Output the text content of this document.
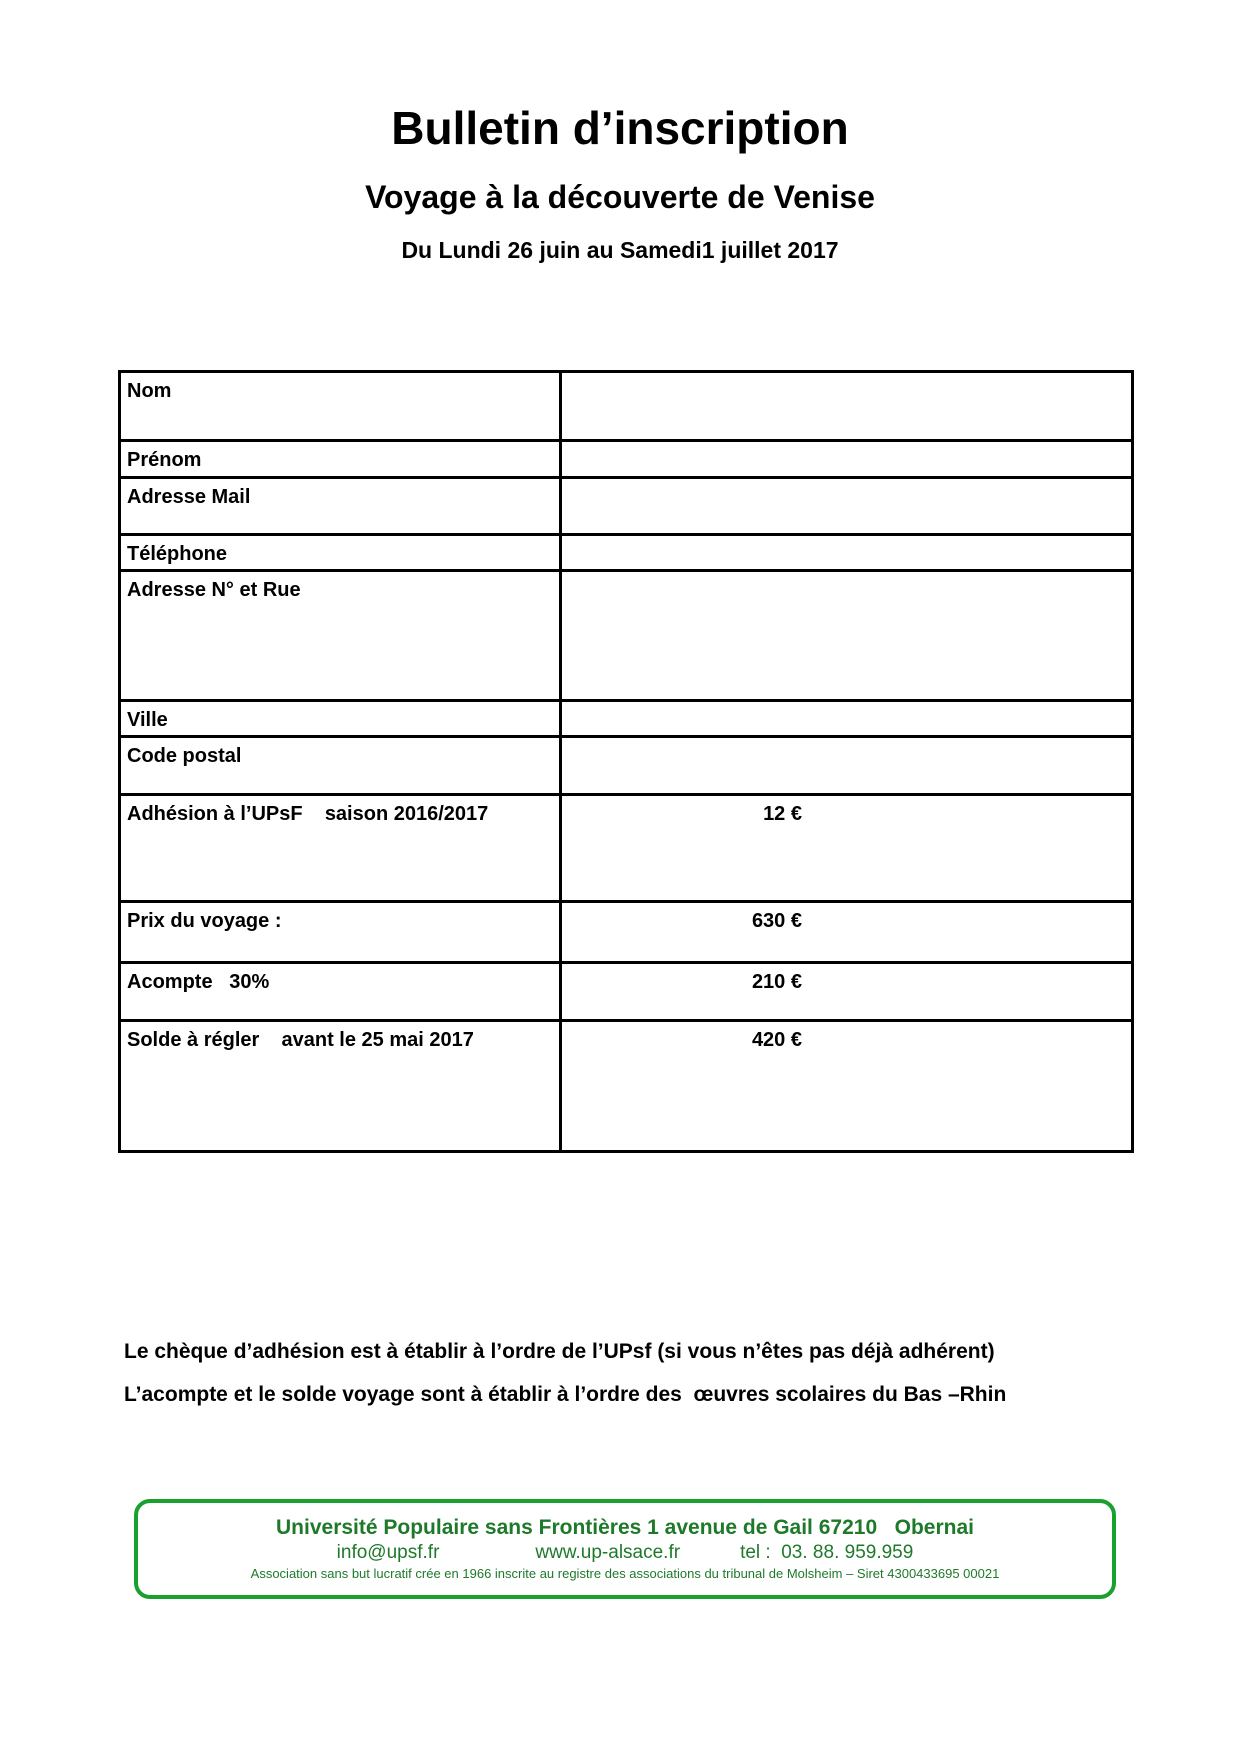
Bulletin d’inscription
Voyage à la découverte de Venise
Du Lundi 26 juin au Samedi1 juillet 2017
Nom	
Prénom	
Adresse Mail	
Téléphone	
Adresse N° et Rue	
Ville	
Code postal	
Adhésion à l’UPsF    saison 2016/2017	12 €

Prix du voyage :	630 €

Acompte   30%	210 €

Solde à régler    avant le 25 mai 2017	420 €
Le chèque d’adhésion est à établir à l’ordre de l’UPsf (si vous n’êtes pas déjà adhérent)
L’acompte et le solde voyage sont à établir à l’ordre des  œuvres scolaires du Bas –Rhin
Université Populaire sans Frontières 1 avenue de Gail 67210   Obernai
info@upsf.fr	www.up-alsace.fr	tel :  03. 88. 959.959
Association sans but lucratif crée en 1966 inscrite au registre des associations du tribunal de Molsheim – Siret 4300433695 00021
